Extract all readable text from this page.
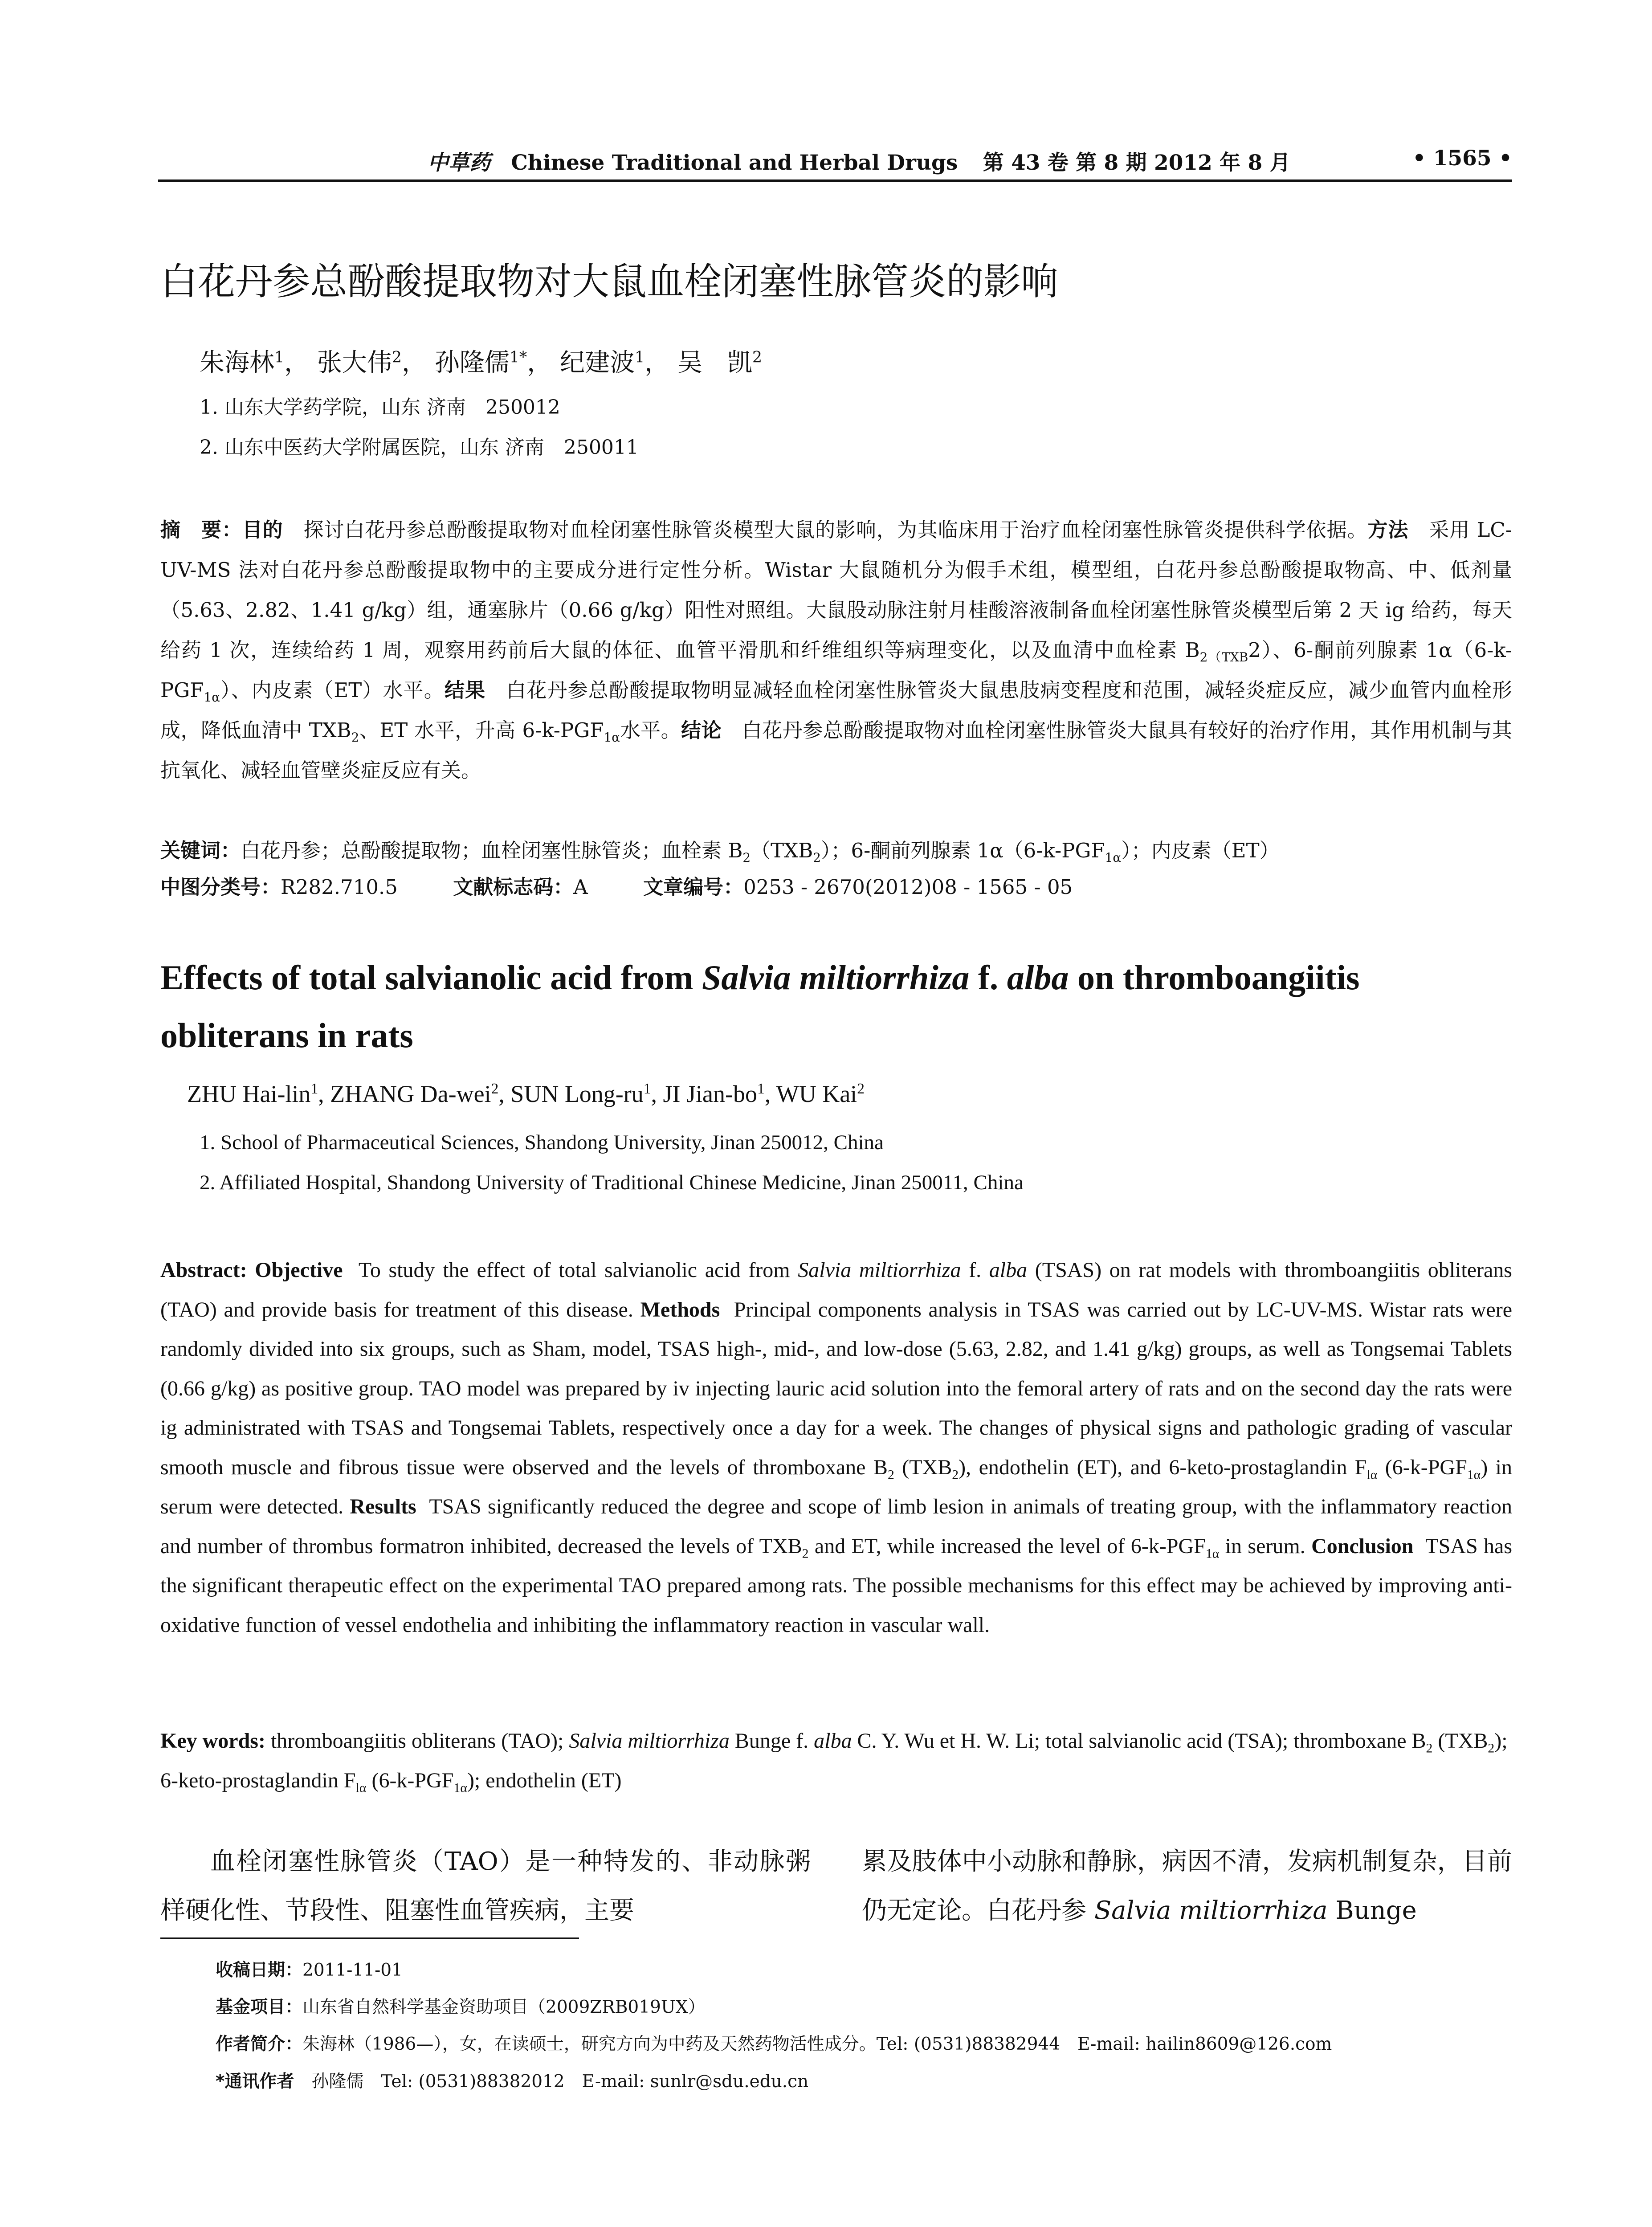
中草药 Chinese Traditional and Herbal Drugs 第 43 卷 第 8 期 2012 年 8 月	• 1565 •
白花丹参总酚酸提取物对大鼠血栓闭塞性脉管炎的影响
朱海林$^1$， 张大伟$^2$， 孙隆儒$^{1*}$， 纪建波$^1$， 吴　凯$^2$
1. 山东大学药学院，山东 济南　250012
2. 山东中医药大学附属医院，山东 济南　250011
摘　要：目的　 探讨白花丹参总酚酸提取物对血栓闭塞性脉管炎模型大鼠的影响，为其临床用于治疗血栓闭塞性脉管炎提供科学依据。方法　 采用 LC-UV-MS 法对白花丹参总酚酸提取物中的主要成分进行定性分析。Wistar 大鼠随机分为假手术组，模型组，白花丹参总酚酸提取物高、中、低剂量（5.63、2.82、1.41 g/kg）组，通塞脉片（0.66 g/kg）阳性对照组。大鼠股动脉注射月桂酸溶液制备血栓闭塞性脉管炎模型后第 2 天 ig 给药，每天给药 1 次，连续给药 1 周，观察用药前后大鼠的体征、血管平滑肌和纤维组织等病理变化，以及血清中血栓素 $B_{2(TXB}2$）、6-酮前列腺素 $1\alpha(6-k-PGF_{1\alpha})$、内皮素（ET）水平。结果　 白花丹参总酚酸提取物明显减轻血栓闭塞性脉管炎大鼠患肢病变程度和范围，减轻炎症反应，减少血管内血栓形成，降低血清中 $TXB_2$、ET 水平，升高 $6-k-PGF_{1\alpha}$水平。结论　 白花丹参总酚酸提取物对血栓闭塞性脉管炎大鼠具有较好的治疗作用，其作用机制与其抗氧化、减轻血管壁炎症反应有关。
关键词：白花丹参；总酚酸提取物；血栓闭塞性脉管炎；血栓素 $B_2(TXB_2)$；6-酮前列腺素 $1\alpha(6-k-PGF_{1\alpha})$；内皮素（ET）
中图分类号：R282.710.5	文献标志码：A	文章编号：0253 - 2670(2012)08 - 1565 - 05
Effects of total salvianolic acid from Salvia miltiorrhiza f. alba on thromboangiitis obliterans in rats
ZHU Hai-lin$^1$, ZHANG Da-wei$^2$, SUN Long-$ru^1$, JI Jian-$bo^1$, WU Kai$^2$
1. School of Pharmaceutical Sciences, Shandong University, Jinan 250012, China
2. Affiliated Hospital, Shandong University of Traditional Chinese Medicine, Jinan 250011, China
Abstract: Objective To study the effect of total salvianolic acid from Salvia miltiorrhiza f. alba (TSAS) on rat models with thromboangiitis obliterans (TAO) and provide basis for treatment of this disease. Methods Principal components analysis in TSAS was carried out by LC-UV-MS. Wistar rats were randomly divided into six groups, such as Sham, model, TSAS high-, mid-, and low-dose (5.63, 2.82, and 1.41 g/kg) groups, as well as Tongsemai Tablets (0.66 g/kg) as positive group. TAO model was prepared by iv injecting lauric acid solution into the femoral artery of rats and on the second day the rats were ig administrated with TSAS and Tongsemai Tablets, respectively once a day for a week. The changes of physical signs and pathologic grading of vascular smooth muscle and fibrous tissue were observed and the levels of thromboxane $B_2$ $(TXB_2)$, endothelin (ET), and 6-keto-prostaglandin $F_{l\alpha}$ $(6-k-PGF_{1\alpha})$ in serum were detected. Results TSAS significantly reduced the degree and scope of limb lesion in animals of treating group, with the inflammatory reaction and number of thrombus formatron inhibited, decreased the levels of $TXB_2$ and ET, while increased the level of $6-k-PGF_{1\alpha}$ in serum. Conclusion TSAS has the significant therapeutic effect on the experimental TAO prepared among rats. The possible mechanisms for this effect may be achieved by improving anti-oxidative function of vessel endothelia and inhibiting the inflammatory reaction in vascular wall.
Key words: thromboangiitis obliterans (TAO); Salvia miltiorrhiza Bunge f. alba C. Y. Wu et H. W. Li; total salvianolic acid (TSA); thromboxane $B_2$ $(TXB_2)$; 6-keto-prostaglandin $F_{l\alpha}$ $(6-k-PGF_{1\alpha})$; endothelin (ET)
血栓闭塞性脉管炎（TAO）是一种特发的、非动脉粥样硬化性、节段性、阻塞性血管疾病，主要
累及肢体中小动脉和静脉，病因不清，发病机制复杂，目前仍无定论。白花丹参 Salvia miltiorrhiza Bunge
收稿日期：2011-11-01
基金项目：山东省自然科学基金资助项目（2009ZRB019UX）
作者简介：朱海林（1986—），女，在读硕士，研究方向为中药及天然药物活性成分。Tel: (0531)88382944　E-mail: hailin8609@126.com
*通讯作者　孙隆儒　Tel: (0531)88382012　E-mail: sunlr@sdu.edu.cn
